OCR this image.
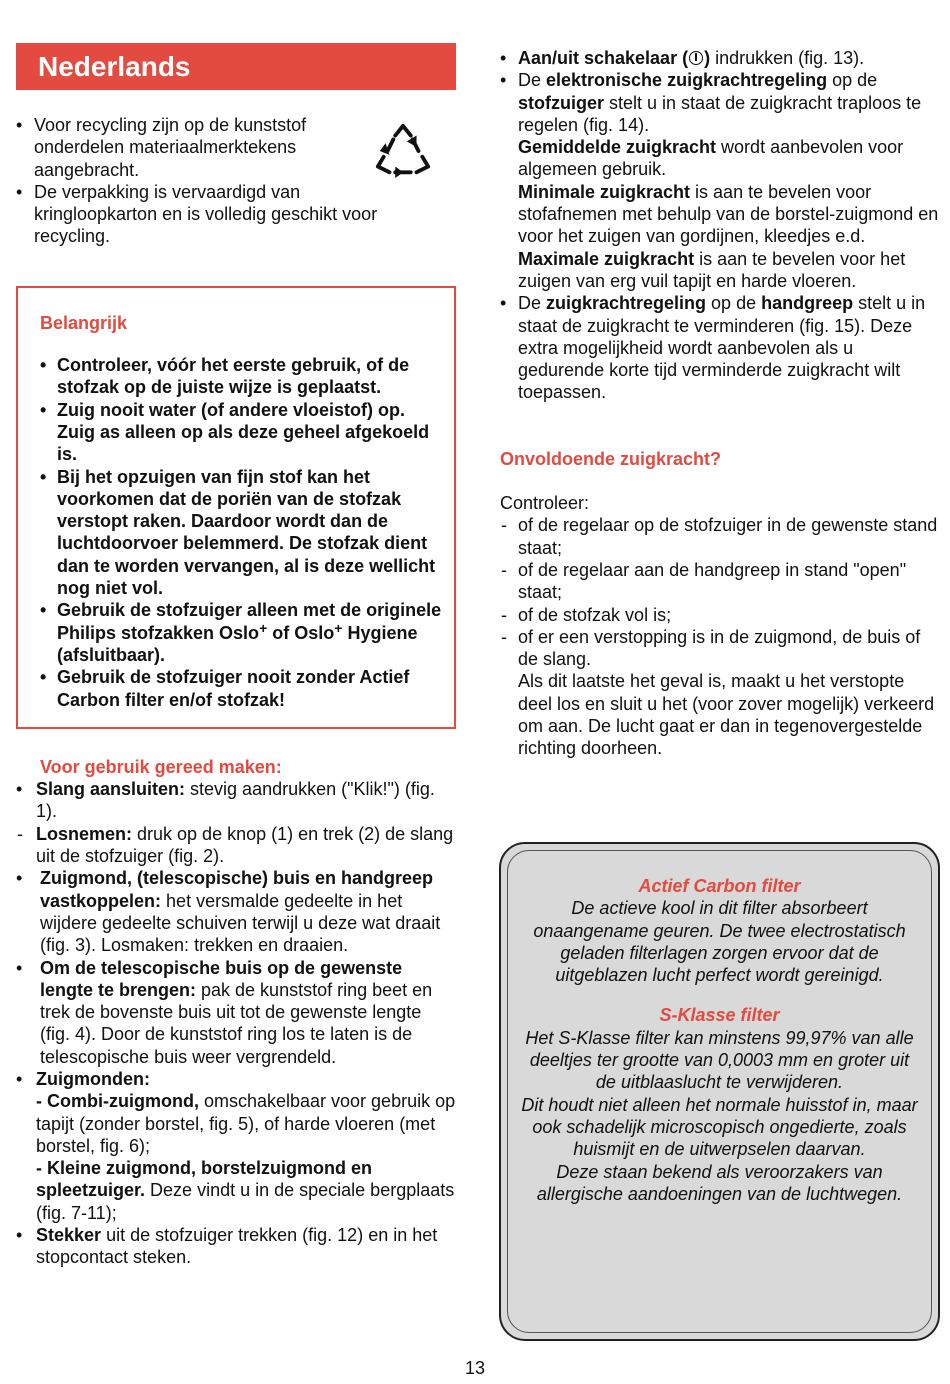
Nederlands
• Voor recycling zijn op de kunststof onderdelen materiaalmerktekens aangebracht.
• De verpakking is vervaardigd van kringloopkarton en is volledig geschikt voor recycling.
Belangrijk
• Controleer, vóór het eerste gebruik, of de stofzak op de juiste wijze is geplaatst.
• Zuig nooit water (of andere vloeistof) op. Zuig as alleen op als deze geheel afgekoeld is.
• Bij het opzuigen van fijn stof kan het voorkomen dat de poriën van de stofzak verstopt raken. Daardoor wordt dan de luchtdoorvoer belemmerd. De stofzak dient dan te worden vervangen, al is deze wellicht nog niet vol.
• Gebruik de stofzuiger alleen met de originele Philips stofzakken Oslo+ of Oslo+ Hygiene (afsluitbaar).
• Gebruik de stofzuiger nooit zonder Actief Carbon filter en/of stofzak!
Voor gebruik gereed maken:
• Slang aansluiten: stevig aandrukken ("Klik!") (fig. 1).
- Losnemen: druk op de knop (1) en trek (2) de slang uit de stofzuiger (fig. 2).
• Zuigmond, (telescopische) buis en handgreep vastkoppelen: het versmalde gedeelte in het wijdere gedeelte schuiven terwijl u deze wat draait (fig. 3). Losmaken: trekken en draaien.
• Om de telescopische buis op de gewenste lengte te brengen: pak de kunststof ring beet en trek de bovenste buis uit tot de gewenste lengte (fig. 4). Door de kunststof ring los te laten is de telescopische buis weer vergrendeld.
• Zuigmonden:
- Combi-zuigmond, omschakelbaar voor gebruik op tapijt (zonder borstel, fig. 5), of harde vloeren (met borstel, fig. 6);
- Kleine zuigmond, borstelzuigmond en spleetzuiger. Deze vindt u in de speciale bergplaats (fig. 7-11);
• Stekker uit de stofzuiger trekken (fig. 12) en in het stopcontact steken.
• Aan/uit schakelaar ( ) indrukken (fig. 13).
• De elektronische zuigkrachtregeling op de stofzuiger stelt u in staat de zuigkracht traploos te regelen (fig. 14).
Gemiddelde zuigkracht wordt aanbevolen voor algemeen gebruik.
Minimale zuigkracht is aan te bevelen voor stofafnemen met behulp van de borstel-zuigmond en voor het zuigen van gordijnen, kleedjes e.d.
Maximale zuigkracht is aan te bevelen voor het zuigen van erg vuil tapijt en harde vloeren.
• De zuigkrachtregeling op de handgreep stelt u in staat de zuigkracht te verminderen (fig. 15). Deze extra mogelijkheid wordt aanbevolen als u gedurende korte tijd verminderde zuigkracht wilt toepassen.
Onvoldoende zuigkracht?
Controleer:
- of de regelaar op de stofzuiger in de gewenste stand staat;
- of de regelaar aan de handgreep in stand "open" staat;
- of de stofzak vol is;
- of er een verstopping is in de zuigmond, de buis of de slang.
Als dit laatste het geval is, maakt u het verstopte deel los en sluit u het (voor zover mogelijk) verkeerd om aan. De lucht gaat er dan in tegenovergestelde richting doorheen.
Actief Carbon filter
De actieve kool in dit filter absorbeert onaangename geuren. De twee electrostatisch geladen filterlagen zorgen ervoor dat de uitgeblazen lucht perfect wordt gereinigd.
S-Klasse filter
Het S-Klasse filter kan minstens 99,97% van alle deeltjes ter grootte van 0,0003 mm en groter uit de uitblaaslucht te verwijderen.
Dit houdt niet alleen het normale huisstof in, maar ook schadelijk microscopisch ongedierte, zoals huismijt en de uitwerpselen daarvan.
Deze staan bekend als veroorzakers van allergische aandoeningen van de luchtwegen.
13
